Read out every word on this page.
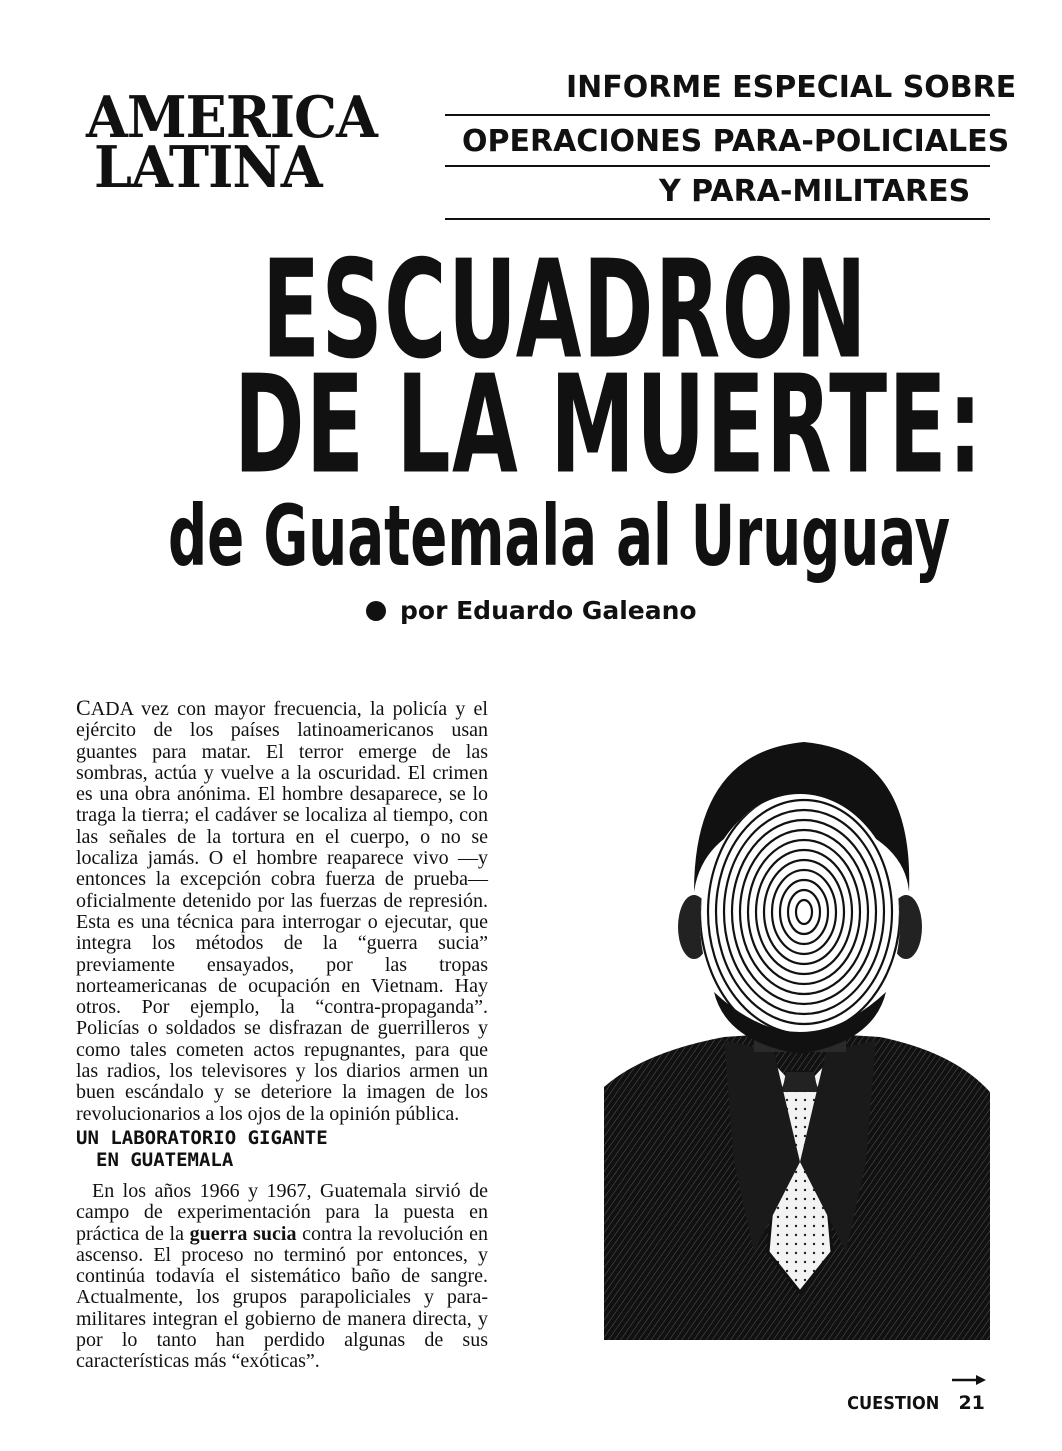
AMERICA
LATINA
INFORME ESPECIAL SOBRE
OPERACIONES PARA-POLICIALES
Y PARA-MILITARES
ESCUADRON
DE LA MUERTE:
de Guatemala al Uruguay
por Eduardo Galeano
CADA vez con mayor frecuencia, la policía y el ejército de los países latinoamericanos usan guantes para matar. El terror emerge de las sombras, actúa y vuelve a la oscuridad. El crimen es una obra anónima. El hombre desaparece, se lo traga la tierra; el cadáver se localiza al tiempo, con las señales de la tortura en el cuerpo, o no se localiza jamás. O el hombre reaparece vivo —y entonces la excepción cobra fuerza de prueba— oficialmente detenido por las fuerzas de represión. Esta es una técnica para interrogar o ejecutar, que integra los métodos de la “guerra sucia” previamente ensayados, por las tropas norteamericanas de ocupación en Vietnam. Hay otros. Por ejemplo, la “contra-propaganda”. Policías o soldados se disfrazan de guerrilleros y como tales cometen actos repugnantes, para que las radios, los televisores y los diarios armen un buen escándalo y se deteriore la imagen de los revolucionarios a los ojos de la opinión pública.
UN LABORATORIO GIGANTE
EN GUATEMALA
En los años 1966 y 1967, Guatemala sirvió de campo de experimentación para la puesta en práctica de la guerra sucia contra la revolución en ascenso. El proceso no terminó por entonces, y continúa todavía el sistemático baño de sangre. Actualmente, los grupos parapoliciales y para-militares integran el gobierno de manera directa, y por lo tanto han perdido algunas de sus características más “exóticas”.
CUESTION 21
